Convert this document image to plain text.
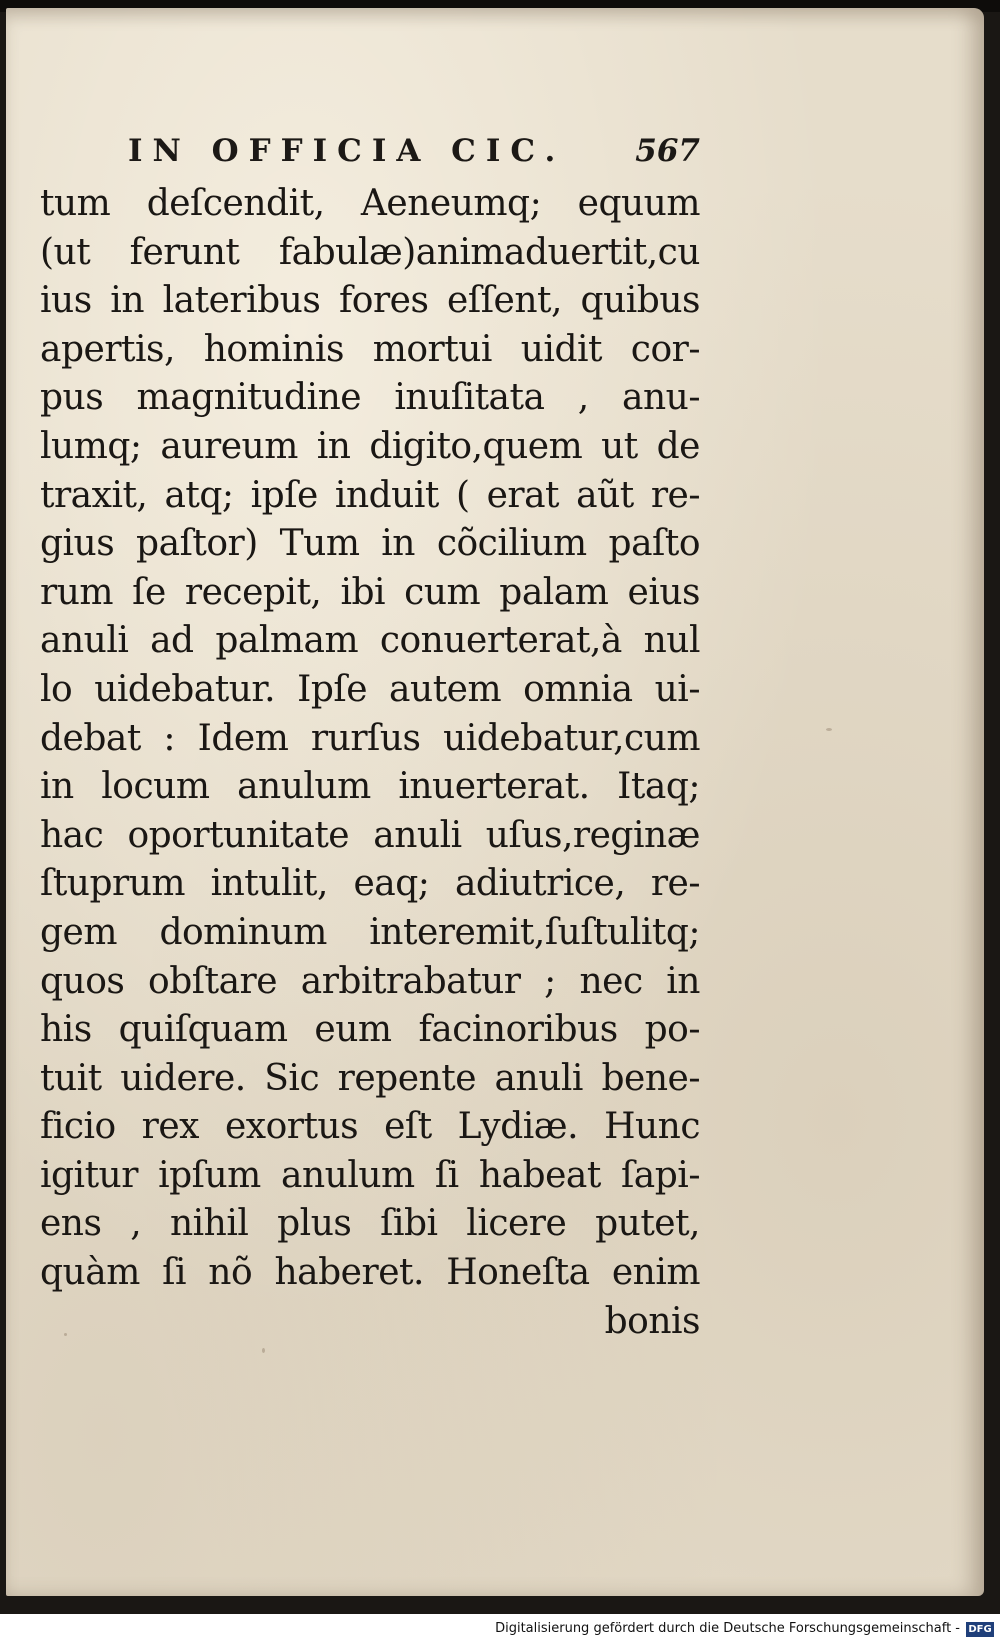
IN OFFICIA CIC. 567
tum deſcendit, Aeneumq; equum
(ut ferunt fabulæ)animaduertit,cu
ius in lateribus fores eſſent, quibus
apertis, hominis mortui uidit cor-
pus magnitudine inuſitata , anu-
lumq; aureum in digito,quem ut de
traxit, atq; ipſe induit ( erat aũt re-
gius paſtor) Tum in cõcilium paſto
rum ſe recepit, ibi cum palam eius
anuli ad palmam conuerterat,à nul
lo uidebatur. Ipſe autem omnia ui-
debat : Idem rurſus uidebatur,cum
in locum anulum inuerterat. Itaq;
hac oportunitate anuli uſus,reginæ
ſtuprum intulit, eaq; adiutrice, re-
gem dominum interemit,ſuſtulitq;
quos obſtare arbitrabatur ; nec in
his quiſquam eum facinoribus po-
tuit uidere. Sic repente anuli bene-
ficio rex exortus eſt Lydiæ. Hunc
igitur ipſum anulum ſi habeat ſapi-
ens , nihil plus ſibi licere putet,
quàm ſi nõ haberet. Honeſta enim
bonis
Digitalisierung gefördert durch die Deutsche Forschungsgemeinschaft - DFG
